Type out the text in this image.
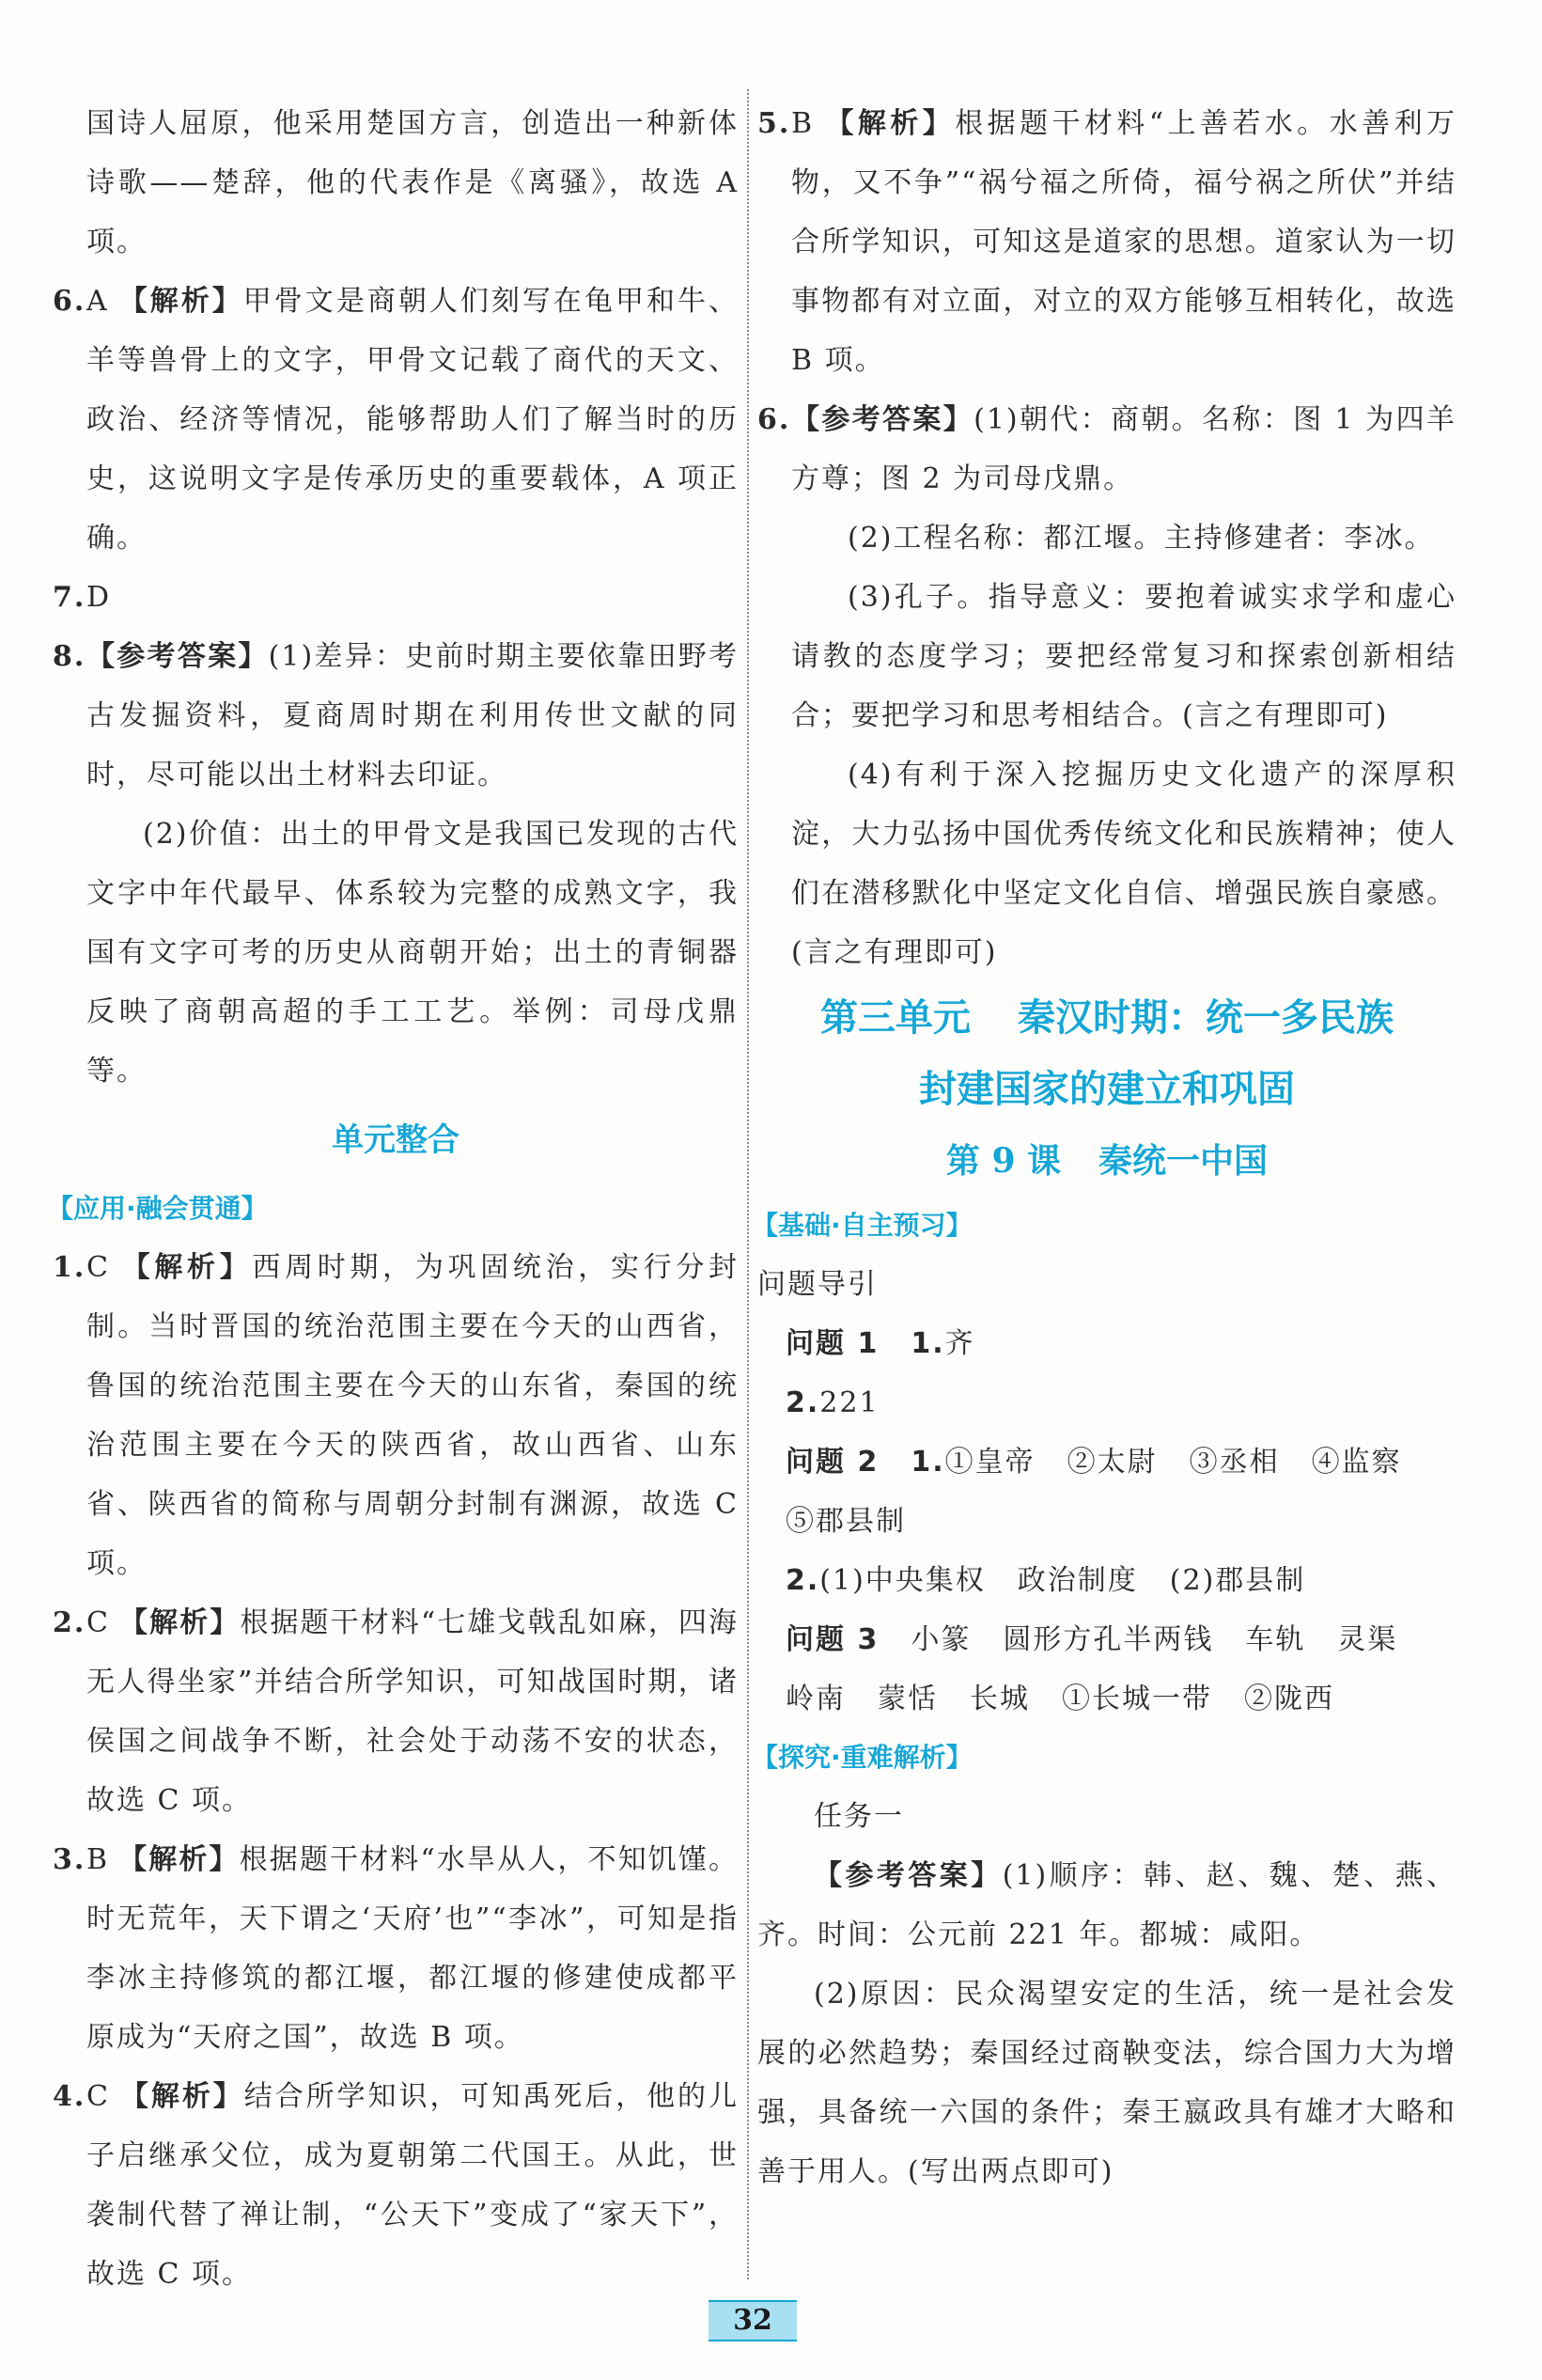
国诗人屈原，他采用楚国方言，创造出一种新体诗歌——楚辞，他的代表作是《离骚》，故选 A 项。

6. A 【解析】甲骨文是商朝人们刻写在龟甲和牛、羊等兽骨上的文字，甲骨文记载了商代的天文、政治、经济等情况，能够帮助人们了解当时的历史，这说明文字是传承历史的重要载体，A 项正确。

7. D

8. 【参考答案】(1)差异：史前时期主要依靠田野考古发掘资料，夏商周时期在利用传世文献的同时，尽可能以出土材料去印证。

(2)价值：出土的甲骨文是我国已发现的古代文字中年代最早、体系较为完整的成熟文字，我国有文字可考的历史从商朝开始；出土的青铜器反映了商朝高超的手工工艺。举例：司母戊鼎等。

单元整合
【应用·融会贯通】

1. C 【解析】西周时期，为巩固统治，实行分封制。当时晋国的统治范围主要在今天的山西省，鲁国的统治范围主要在今天的山东省，秦国的统治范围主要在今天的陕西省，故山西省、山东省、陕西省的简称与周朝分封制有渊源，故选 C 项。

2. C 【解析】根据题干材料“七雄戈戟乱如麻，四海无人得坐家”并结合所学知识，可知战国时期，诸侯国之间战争不断，社会处于动荡不安的状态，故选 C 项。

3. B 【解析】根据题干材料“水旱从人，不知饥馑。时无荒年，天下谓之‘天府’也”“李冰”，可知是指李冰主持修筑的都江堰，都江堰的修建使成都平原成为“天府之国”，故选 B 项。

4. C 【解析】结合所学知识，可知禹死后，他的儿子启继承父位，成为夏朝第二代国王。从此，世袭制代替了禅让制，“公天下”变成了“家天下”，故选 C 项。

5. B 【解析】根据题干材料“上善若水。水善利万物，又不争”“祸兮福之所倚，福兮祸之所伏”并结合所学知识，可知这是道家的思想。道家认为一切事物都有对立面，对立的双方能够互相转化，故选 B 项。

6. 【参考答案】(1)朝代：商朝。名称：图 1 为四羊方尊；图 2 为司母戊鼎。

(2)工程名称：都江堰。主持修建者：李冰。

(3)孔子。指导意义：要抱着诚实求学和虚心请教的态度学习；要把经常复习和探索创新相结合；要把学习和思考相结合。(言之有理即可)

(4)有利于深入挖掘历史文化遗产的深厚积淀，大力弘扬中国优秀传统文化和民族精神；使人们在潜移默化中坚定文化自信、增强民族自豪感。(言之有理即可)

第三单元 秦汉时期：统一多民族
封建国家的建立和巩固
第 9 课 秦统一中国
【基础·自主预习】

问题导引

问题 1 1.齐

2.221

问题 2 1.①皇帝 ②太尉 ③丞相 ④监察

⑤郡县制

2.(1)中央集权 政治制度 (2)郡县制

问题 3 小篆 圆形方孔半两钱 车轨 灵渠

岭南 蒙恬 长城 ①长城一带 ②陇西

【探究·重难解析】

任务一

【参考答案】(1)顺序：韩、赵、魏、楚、燕、齐。时间：公元前 221 年。都城：咸阳。

(2)原因：民众渴望安定的生活，统一是社会发展的必然趋势；秦国经过商鞅变法，综合国力大为增强，具备统一六国的条件；秦王嬴政具有雄才大略和善于用人。(写出两点即可)

32
